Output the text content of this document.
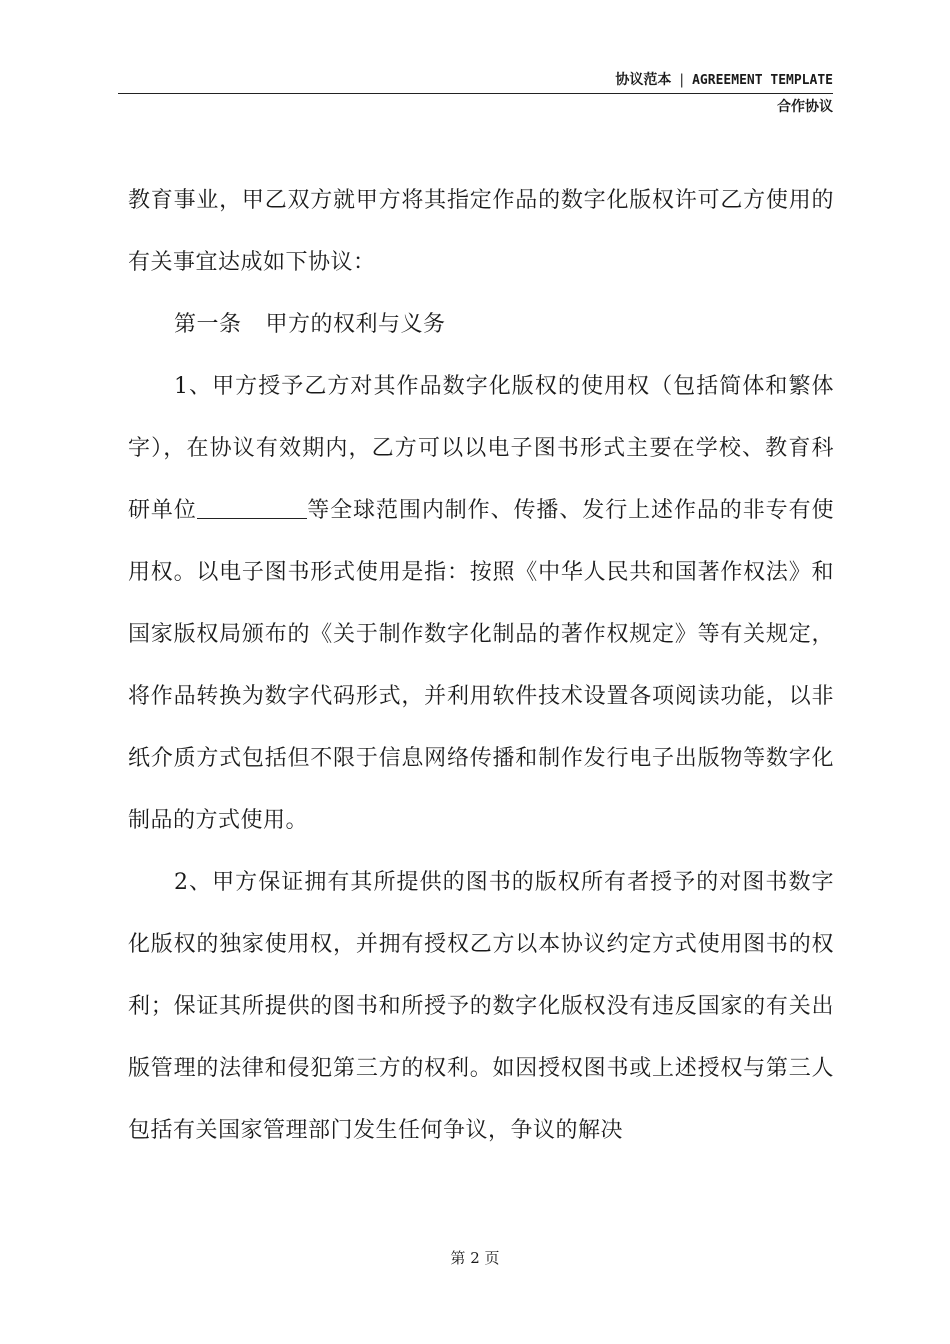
协议范本 | AGREEMENT TEMPLATE
合作协议

教育事业，甲乙双方就甲方将其指定作品的数字化版权许可乙方使用的有关事宜达成如下协议：

第一条 甲方的权利与义务

1、甲方授予乙方对其作品数字化版权的使用权（包括简体和繁体字），在协议有效期内，乙方可以以电子图书形式主要在学校、教育科研单位	等全球范围内制作、传播、发行上述作品的非专有使用权。以电子图书形式使用是指：按照《中华人民共和国著作权法》和国家版权局颁布的《关于制作数字化制品的著作权规定》等有关规定，将作品转换为数字代码形式，并利用软件技术设置各项阅读功能，以非纸介质方式包括但不限于信息网络传播和制作发行电子出版物等数字化制品的方式使用。

2、甲方保证拥有其所提供的图书的版权所有者授予的对图书数字化版权的独家使用权，并拥有授权乙方以本协议约定方式使用图书的权利；保证其所提供的图书和所授予的数字化版权没有违反国家的有关出版管理的法律和侵犯第三方的权利。如因授权图书或上述授权与第三人包括有关国家管理部门发生任何争议，争议的解决

第 2 页
